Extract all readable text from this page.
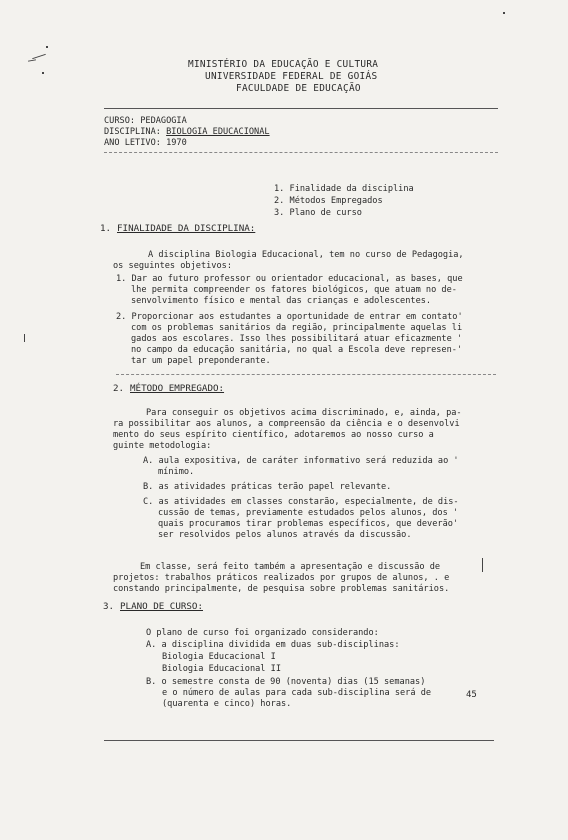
MINISTÉRIO DA EDUCAÇÃO E CULTURA
UNIVERSIDADE FEDERAL DE GOIÁS
FACULDADE DE EDUCAÇÃO
CURSO: PEDAGOGIA
DISCIPLINA: BIOLOGIA EDUCACIONAL
ANO LETIVO: 1970
1. Finalidade da disciplina
2. Métodos Empregados
3. Plano de curso
1. FINALIDADE DA DISCIPLINA:
A disciplina Biologia Educacional, tem no curso de Pedagogia,
os seguintes objetivos:
1. Dar ao futuro professor ou orientador educacional, as bases, que
lhe permita compreender os fatores biológicos, que atuam no de-
senvolvimento físico e mental das crianças e adolescentes.
2. Proporcionar aos estudantes a oportunidade de entrar em contato'
com os problemas sanitários da região, principalmente aquelas li
gados aos escolares. Isso lhes possibilitará atuar eficazmente '
no campo da educação sanitária, no qual a Escola deve represen-'
tar um papel preponderante.
2. MÉTODO EMPREGADO:
Para conseguir os objetivos acima discriminado, e, ainda, pa-
ra possibilitar aos alunos, a compreensão da ciência e o desenvolvi
mento do seus espírito científico, adotaremos ao nosso curso a
guinte metodologia:
A. aula expositiva, de caráter informativo será reduzida ao '
mínimo.
B. as atividades práticas terão papel relevante.
C. as atividades em classes constarão, especialmente, de dis-
cussão de temas, previamente estudados pelos alunos, dos '
quais procuramos tirar problemas específicos, que deverão'
ser resolvidos pelos alunos através da discussão.
Em classe, será feito também a apresentação e discussão de
projetos: trabalhos práticos realizados por grupos de alunos, . e
constando principalmente, de pesquisa sobre problemas sanitários.
3. PLANO DE CURSO:
O plano de curso foi organizado considerando:
A. a disciplina dividida em duas sub-disciplinas:
Biologia Educacional I
Biologia Educacional II
B. o semestre consta de 90 (noventa) dias (15 semanas)
e o número de aulas para cada sub-disciplina será de
(quarenta e cinco) horas.
45
